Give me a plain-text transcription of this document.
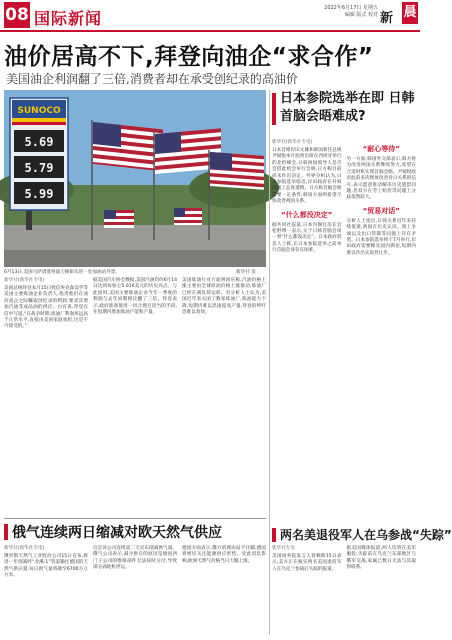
08 国际新闻
2022年6月17日 星期五
编辑 版式 校对 新 晨
油价居高不下,拜登向油企“求合作”
美国油企利润翻了三倍,消费者却在承受创纪录的高油价
SUNOCO
5.69
5.79
5.99
6月13日,美国马萨诸塞州波士顿街头的一处加油站外景。	新华社 发
日本参院选举在即 日韩首脑会晤难成?
新华社(新华社专电)

日本首相岸田文雄和韩国新任总统尹锡悦本月底将出席在西班牙举行的北约峰会,日韩两国领导人是否会借此机会举行会晤,日方称目前尚未作出决定。外界分析认为,日本参院选举临近,岸田政府在对韩问题上态度谨慎。日方称首脑会晤需要一定条件,韩国方面则希望尽快改善两国关系。

“什么都没决定”

据共同社报道,日本内阁官房长官松野博一表示,关于日韩首脑会谈一事“什么都没决定”。日本政府消息人士称,在日本参院选举之前举行首脑会谈存在困难。

“耐心等待”

另一方面,韩国外交部表示,韩方将为改善两国关系继续努力,希望在合适时机实现首脑会晤。尹锡悦政府此前多次释放改善对日关系的信号,表示愿意推动解决历史遗留问题,但双方在劳工赔偿等问题上分歧依然较大。

“贸易对话”

分析人士指出,日韩关系近年来持续低迷,两国在历史认识、领土争端以及出口管制等问题上存在矛盾。日本参院选举将于7月举行,岸田政府需要顾及国内舆论,短期内难以作出实质性让步。

新华社(新华社专电)

美国总统拜登本月15日致信埃克森美孚等美国主要炼油企业负责人,指责他们在油价高企之际赚取创纪录的利润,要求其增加汽油等成品油的供应。白宫说,拜登在信中写道,“在战争时期,炼油厂利润率远高于正常水平,直接由美国家庭承担,这是不可接受的。”

据美国汽车协会数据,美国汽油均价6月14日达到每加仑5.016美元的历史高点。与此同时,美国主要炼油企业今年一季度的利润与去年同期相比翻了三倍。拜登表示,政府准备使用一切合理且适当的手段,在短期内增加炼油产能和产量。

美国炼油行业方面则回应称,汽油价格上涨主要由全球原油价格上涨推动,炼油厂已经在满负荷运转。有分析人士认为,美国近年来关闭了数家炼油厂,炼油能力下降,短期内难以迅速提高产量,拜登的呼吁恐难以奏效。

俄气连续两日缩减对欧天然气供应
新华社(新华社专电)

俄罗斯天然气工业股份公司15日宣布,将进一步削减经“北溪-1”管道输往德国的天然气供应量,每日供气量将降至6700万立方米。

这是该公司连续第二天宣布削减供气量。俄气公司表示,减少供应的原因是德国西门子公司的维修部件无法按时交付,导致部分涡轮机停运。

德国方面表示,俄方的理由站不住脚,德国将密切关注能源供应形势。受此消息影响,欧洲天然气价格当日大幅上涨。

两名美退役军人在乌参战“失踪”
新华社专电

美国国务院发言人普赖斯15日表示,美方正在核实两名美国退役军人在乌克兰参战后失踪的报道。

据美国媒体报道,两人均曾在美军服役,失踪前在乌克兰东部地区与俄军交战,家属已数日无法与其取得联系。
